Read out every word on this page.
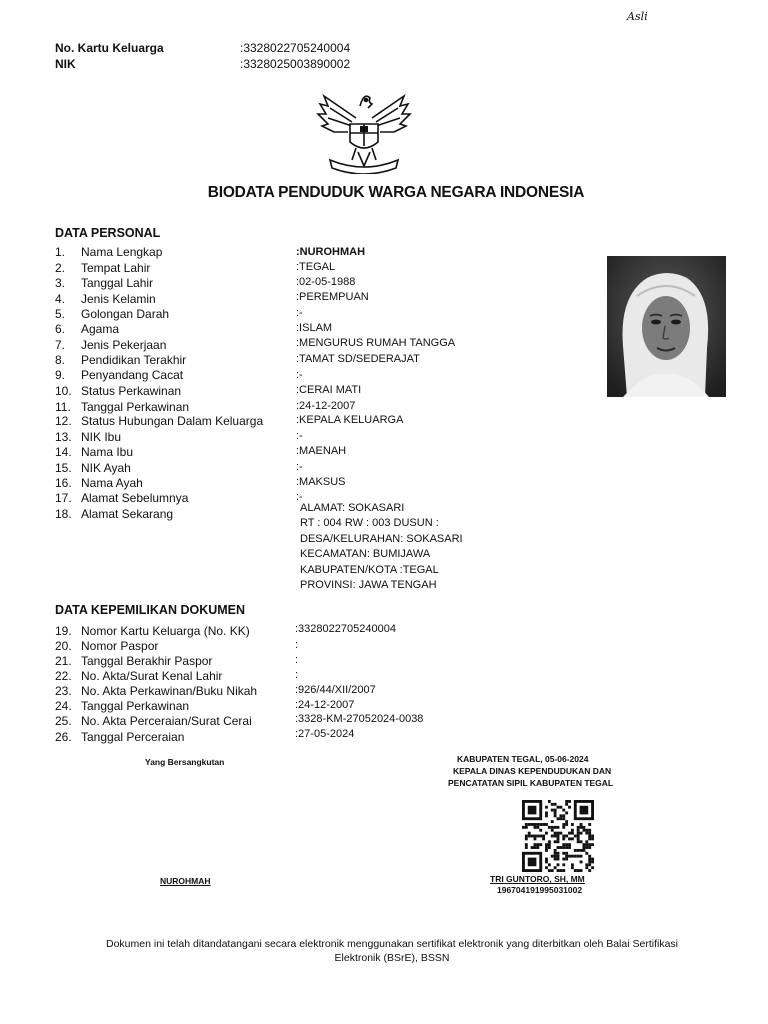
Asli
No. Kartu Keluarga	:3328022705240004
NIK	:3328025003890002
BIODATA PENDUDUK WARGA NEGARA INDONESIA
DATA PERSONAL
1. Nama Lengkap	:NUROHMAH
2. Tempat Lahir	:TEGAL
3. Tanggal Lahir	:02-05-1988
4. Jenis Kelamin	:PEREMPUAN
5. Golongan Darah	:-
6. Agama	:ISLAM
7. Jenis Pekerjaan	:MENGURUS RUMAH TANGGA
8. Pendidikan Terakhir	:TAMAT SD/SEDERAJAT
9. Penyandang Cacat	:-
10. Status Perkawinan	:CERAI MATI
11. Tanggal Perkawinan	:24-12-2007
12. Status Hubungan Dalam Keluarga	:KEPALA KELUARGA
13. NIK Ibu	:-
14. Nama Ibu	:MAENAH
15. NIK Ayah	:-
16. Nama Ayah	:MAKSUS
17. Alamat Sebelumnya	:-
18. Alamat Sekarang	ALAMAT: SOKASARI
RT : 004 RW : 003 DUSUN :
DESA/KELURAHAN: SOKASARI
KECAMATAN: BUMIJAWA
KABUPATEN/KOTA :TEGAL
PROVINSI: JAWA TENGAH
DATA KEPEMILIKAN DOKUMEN
19. Nomor Kartu Keluarga (No. KK)	:3328022705240004
20. Nomor Paspor	:
21. Tanggal Berakhir Paspor	:
22. No. Akta/Surat Kenal Lahir	:
23. No. Akta Perkawinan/Buku Nikah	:926/44/XII/2007
24. Tanggal Perkawinan	:24-12-2007
25. No. Akta Perceraian/Surat Cerai	:3328-KM-27052024-0038
26. Tanggal Perceraian	:27-05-2024
Yang Bersangkutan
NUROHMAH
KABUPATEN TEGAL, 05-06-2024
KEPALA DINAS KEPENDUDUKAN DAN
PENCATATAN SIPIL KABUPATEN TEGAL
TRI GUNTORO, SH, MM
196704191995031002
Dokumen ini telah ditandatangani secara elektronik menggunakan sertifikat elektronik yang diterbitkan oleh Balai Sertifikasi
Elektronik (BSrE), BSSN
